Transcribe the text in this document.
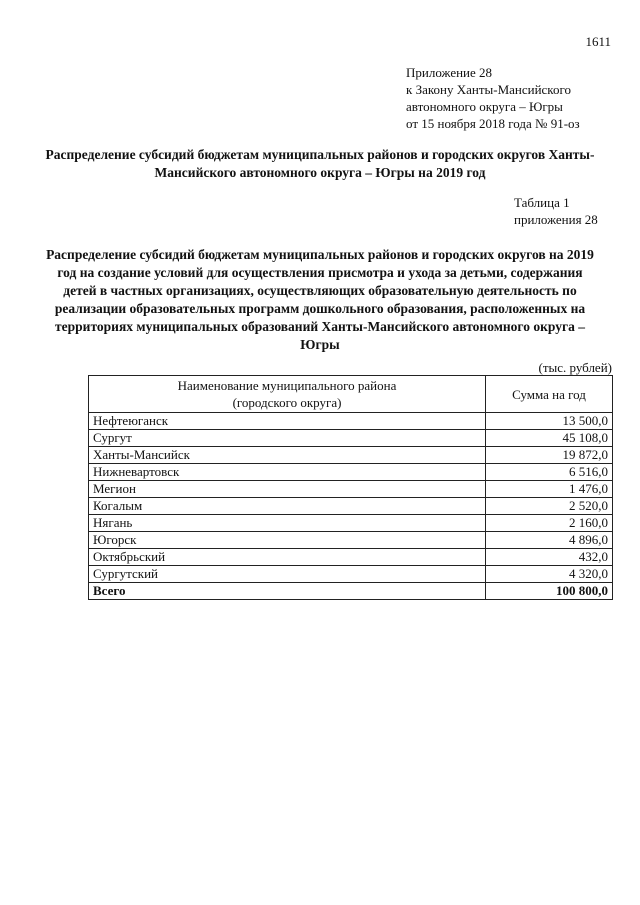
1611
Приложение 28
к Закону Ханты-Мансийского
автономного округа – Югры
от 15 ноября 2018 года № 91-оз
Распределение субсидий бюджетам муниципальных районов и городских округов Ханты-Мансийского автономного округа – Югры на 2019 год
Таблица 1
приложения 28
Распределение субсидий бюджетам муниципальных районов и городских округов на 2019 год на создание условий для осуществления присмотра и ухода за детьми, содержания детей в частных организациях, осуществляющих образовательную деятельность по реализации образовательных программ дошкольного образования, расположенных на территориях муниципальных образований Ханты-Мансийского автономного округа – Югры
(тыс. рублей)
Наименование муниципального района
(городского округа)	Сумма на год
Нефтеюганск	13 500,0
Сургут	45 108,0
Ханты-Мансийск	19 872,0
Нижневартовск	6 516,0
Мегион	1 476,0
Когалым	2 520,0
Нягань	2 160,0
Югорск	4 896,0
Октябрьский	432,0
Сургутский	4 320,0
Всего	100 800,0
